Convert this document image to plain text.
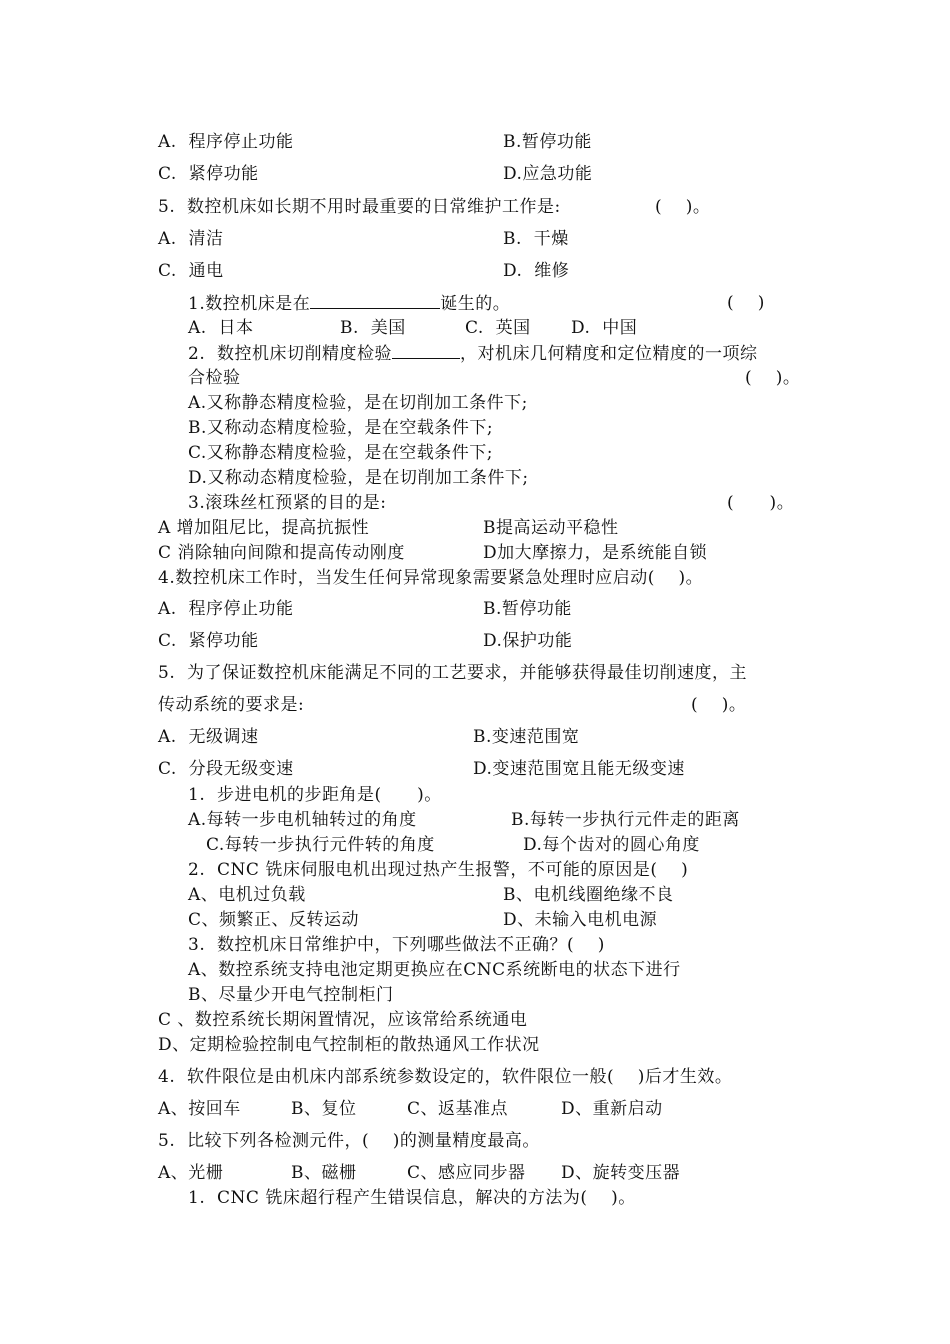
A.  程序停止功能	B.暂停功能
C.  紧停功能	D.应急功能
5.  数控机床如长期不用时最重要的日常维护工作是:	(    )。
A.  清洁	B.  干燥
C.  通电	D.  维修
1.数控机床是在	诞生的。	(    )
A.  日本	B.  美国	C.  英国 D.  中国
2.  数控机床切削精度检验	，对机床几何精度和定位精度的一项综
合检验	(    )。
A.又称静态精度检验，是在切削加工条件下;
B.又称动态精度检验，是在空载条件下;
C.又称静态精度检验，是在空载条件下;
D.又称动态精度检验，是在切削加工条件下;
3.滚珠丝杠预紧的目的是:	(      )。
A 增加阻尼比，提高抗振性	B提高运动平稳性
C 消除轴向间隙和提高传动刚度	D加大摩擦力，是系统能自锁
4.数控机床工作时，当发生任何异常现象需要紧急处理时应启动(    )。
A.  程序停止功能	B.暂停功能
C.  紧停功能	D.保护功能
5.  为了保证数控机床能满足不同的工艺要求，并能够获得最佳切削速度，主
传动系统的要求是:	(    )。
A.  无级调速	B.变速范围宽
C.  分段无级变速	D.变速范围宽且能无级变速
1.  步进电机的步距角是(      )。
A.每转一步电机轴转过的角度	B.每转一步执行元件走的距离
C.每转一步执行元件转的角度	D.每个齿对的圆心角度
2.  CNC 铣床伺服电机出现过热产生报警，不可能的原因是(    )
A、电机过负载	B、电机线圈绝缘不良
C、频繁正、反转运动	D、未输入电机电源
3.  数控机床日常维护中，下列哪些做法不正确？(    )
A、数控系统支持电池定期更换应在CNC系统断电的状态下进行
B、尽量少开电气控制柜门
C 、数控系统长期闲置情况，应该常给系统通电
D、定期检验控制电气控制柜的散热通风工作状况
4.  软件限位是由机床内部系统参数设定的，软件限位一般(    )后才生效。
A、按回车	B、复位	C、返基准点	D、重新启动
5.  比较下列各检测元件，(    )的测量精度最高。
A、光栅	B、磁栅	C、感应同步器 D、旋转变压器
1.  CNC 铣床超行程产生错误信息，解决的方法为(    )。
